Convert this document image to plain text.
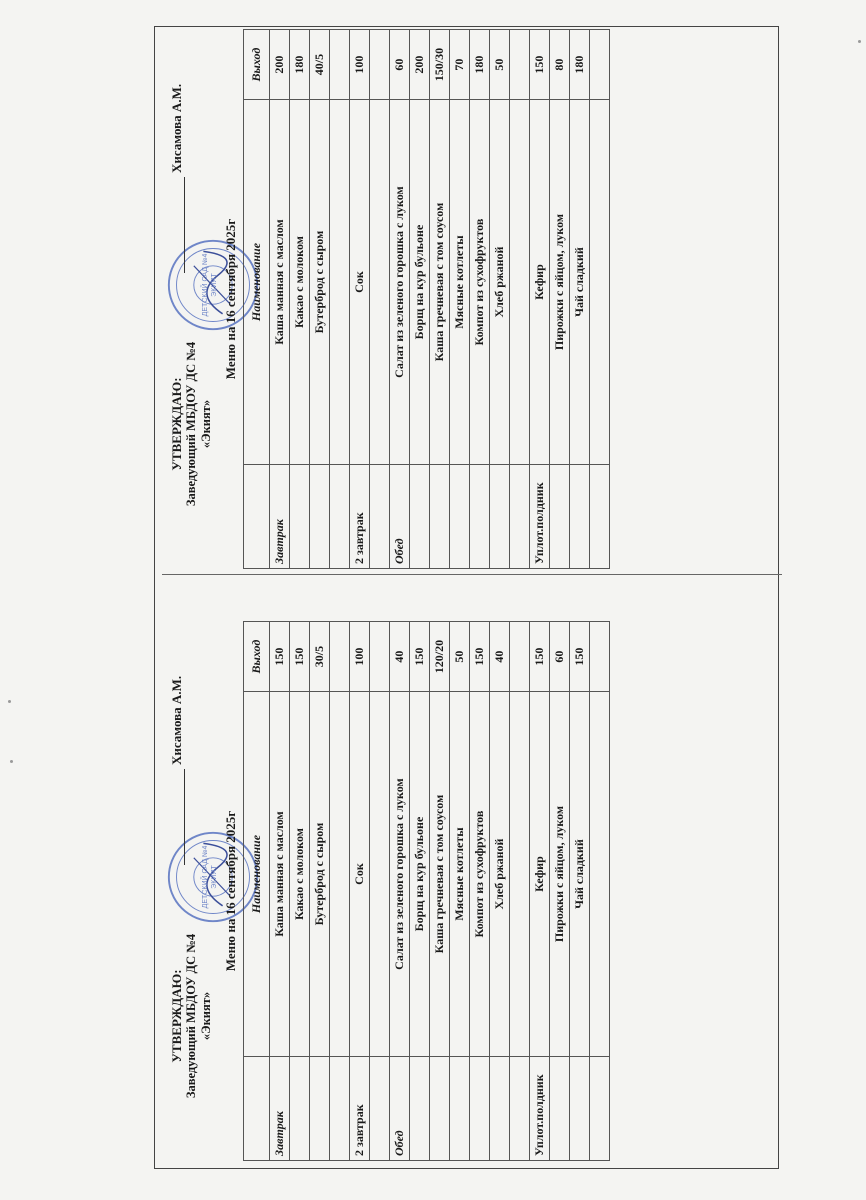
УТВЕРЖДАЮ: Заведующий МБДОУ ДС №4 «Экият»
ДЕТСКИЙ САД №4 ЭКИЯТ
Хисамова А.М.
Меню на 16 сентября 2025г
	Наименование	Выход
Завтрак	Каша манная с маслом	200
	Какао с молоком	180
	Бутерброд с сыром	40/5

2 завтрак	Сок	100

Обед	Салат из зеленого горошка с луком	60
	Борщ на кур бульоне	200
	Каша гречневая с том соусом	150/30
	Мясные котлеты	70
	Компот из сухофруктов	180
	Хлеб ржаной	50

Уплот.полдник	Кефир	150
	Пирожки с яйцом, луком	80
	Чай сладкий	180

УТВЕРЖДАЮ: Заведующий МБДОУ ДС №4 «Экият»
ДЕТСКИЙ САД №4 ЭКИЯТ
Хисамова А.М.
Меню на 16 сентября 2025г
	Наименование	Выход
Завтрак	Каша манная с маслом	150
	Какао с молоком	150
	Бутерброд с сыром	30/5

2 завтрак	Сок	100

Обед	Салат из зеленого горошка с луком	40
	Борщ на кур бульоне	150
	Каша гречневая с том соусом	120/20
	Мясные котлеты	50
	Компот из сухофруктов	150
	Хлеб ржаной	40

Уплот.полдник	Кефир	150
	Пирожки с яйцом, луком	60
	Чай сладкий	150
